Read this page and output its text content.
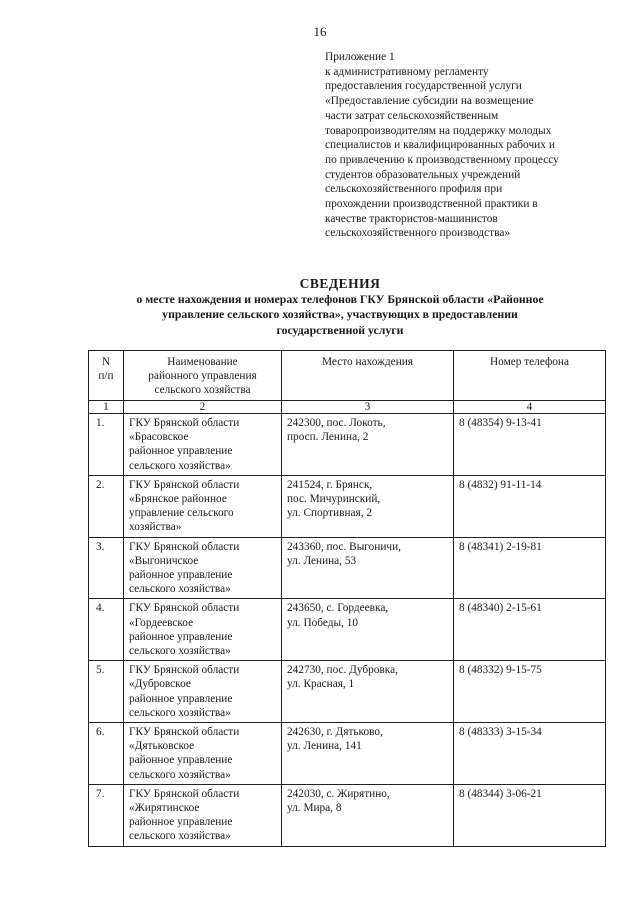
16
Приложение 1
к административному регламенту
предоставления государственной услуги
«Предоставление субсидии на возмещение
части затрат сельскохозяйственным
товаропроизводителям на поддержку молодых
специалистов и квалифицированных рабочих и
по привлечению к производственному процессу
студентов образовательных учреждений
сельскохозяйственного профиля при
прохождении производственной практики в
качестве трактористов-машинистов
сельскохозяйственного производства»
СВЕДЕНИЯ
о месте нахождения и номерах телефонов ГКУ Брянской области «Районное
управление сельского хозяйства», участвующих в предоставлении
государственной услуги
N
п/п	Наименование
районного управления
сельского хозяйства	Место нахождения	Номер телефона
1	2	3	4
1.	ГКУ Брянской области
«Брасовское
районное управление
сельского хозяйства»	242300, пос. Локоть,
просп. Ленина, 2	8 (48354) 9-13-41
2.	ГКУ Брянской области
«Брянское районное
управление сельского
хозяйства»	241524, г. Брянск,
пос. Мичуринский,
ул. Спортивная, 2	8 (4832) 91-11-14
3.	ГКУ Брянской области
«Выгоничское
районное управление
сельского хозяйства»	243360, пос. Выгоничи,
ул. Ленина, 53	8 (48341) 2-19-81
4.	ГКУ Брянской области
«Гордеевское
районное управление
сельского хозяйства»	243650, с. Гордеевка,
ул. Победы, 10	8 (48340) 2-15-61
5.	ГКУ Брянской области
«Дубровское
районное управление
сельского хозяйства»	242730, пос. Дубровка,
ул. Красная, 1	8 (48332) 9-15-75
6.	ГКУ Брянской области
«Дятьковское
районное управление
сельского хозяйства»	242630, г. Дятьково,
ул. Ленина, 141	8 (48333) 3-15-34
7.	ГКУ Брянской области
«Жирятинское
районное управление
сельского хозяйства»	242030, с. Жирятино,
ул. Мира, 8	8 (48344) 3-06-21
